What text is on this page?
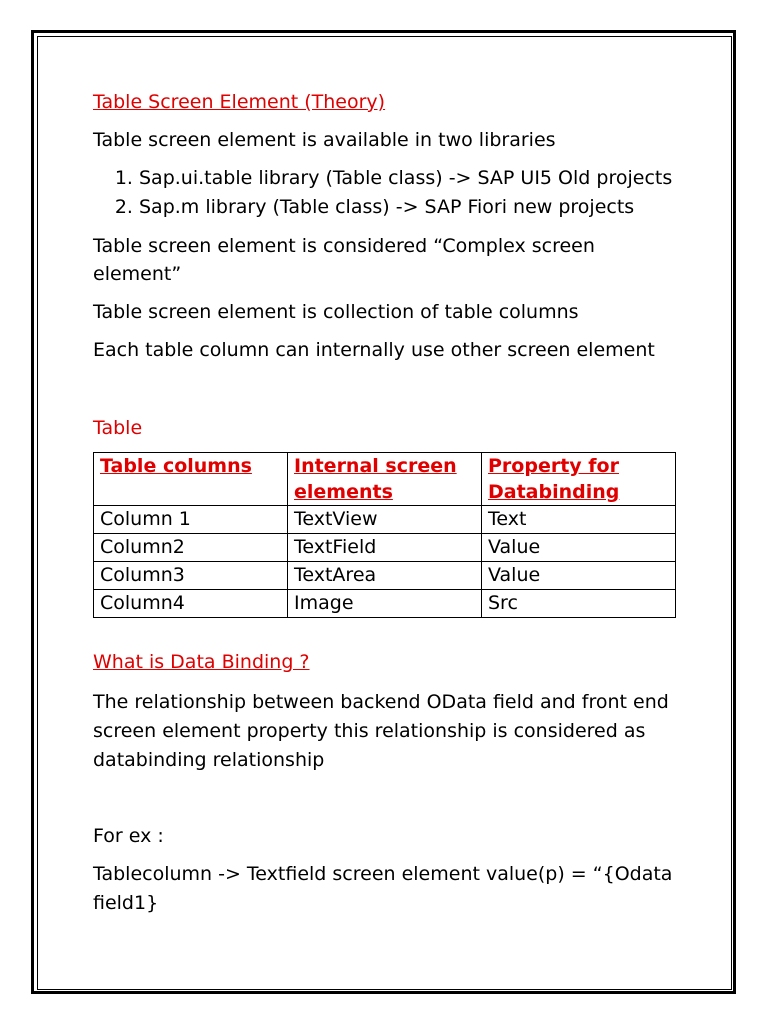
Table Screen Element (Theory)

Table screen element is available in two libraries

1. Sap.ui.table library (Table class) -> SAP UI5 Old projects
2. Sap.m library (Table class) -> SAP Fiori new projects

Table screen element is considered “Complex screen element”

Table screen element is collection of table columns

Each table column can internally use other screen element

Table

Table columns	Internal screen elements	Property for Databinding
Column 1	TextView	Text
Column2	TextField	Value
Column3	TextArea	Value
Column4	Image	Src

What is Data Binding ?

The relationship between backend OData field and front end screen element property this relationship is considered as databinding relationship

For ex :

Tablecolumn -> Textfield screen element value(p) = “{Odata field1}
